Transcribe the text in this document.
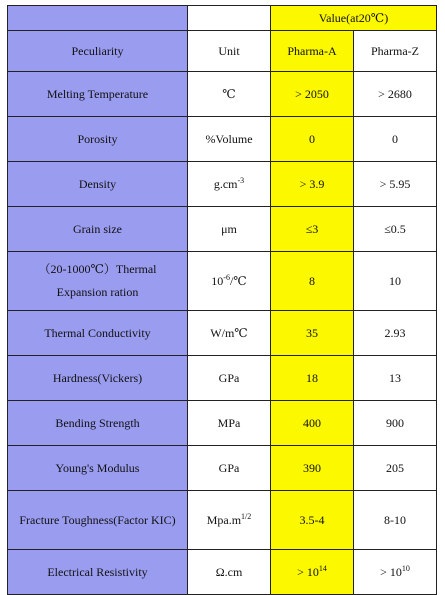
		Value(at20℃)	
Peculiarity	Unit	Pharma-A	Pharma-Z
Melting Temperature	℃	> 2050	> 2680
Porosity	%Volume	0	0
Density	$g.cm^{-3}$	> 3.9	> 5.95
Grain size	μm	≤3	≤0.5
（20-1000℃）Thermal
Expansion ration	$10^{-6}/℃$	8	10
Thermal Conductivity	W/m℃	35	2.93
Hardness(Vickers)	GPa	18	13
Bending Strength	MPa	400	900
Young's Modulus	GPa	390	205
Fracture Toughness(Factor KIC)	$Mpa.m^{1/2}$	3.5-4	8-10
Electrical Resistivity	Ω.cm	> $10^{14}$	> $10^{10}$
